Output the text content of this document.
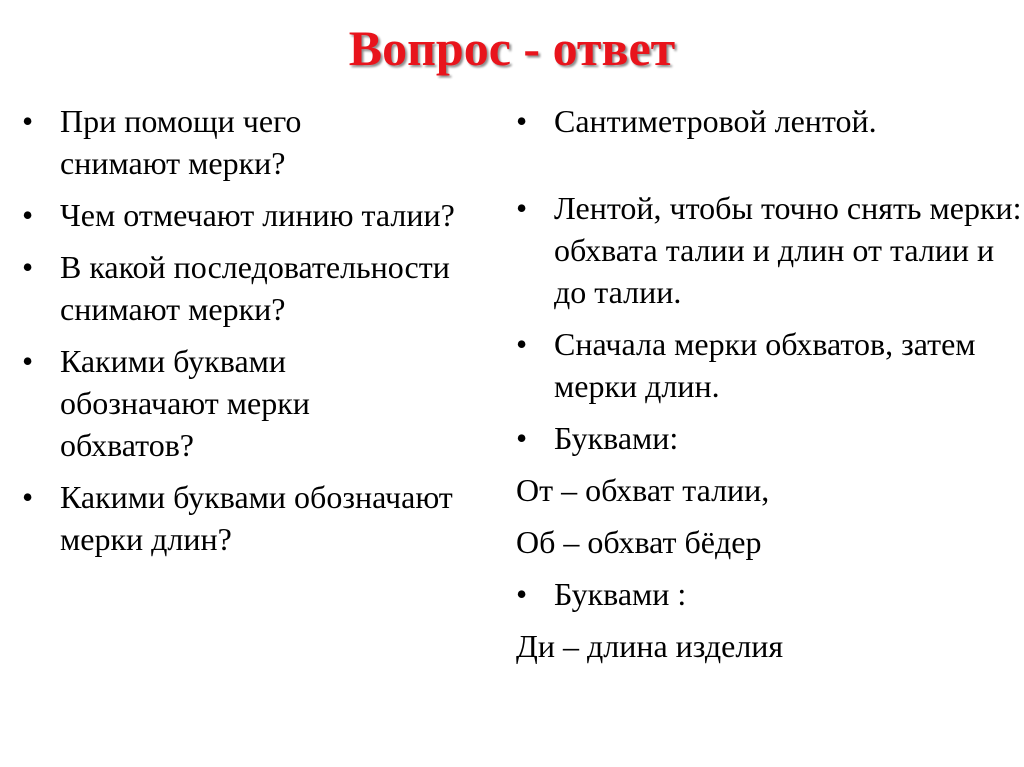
Вопрос - ответ
• При помощи чего снимают мерки?
• Чем отмечают линию талии?
• В какой последовательности снимают мерки?
• Какими буквами обозначают мерки обхватов?
• Какими буквами обозначают мерки длин?
• Сантиметровой лентой.
• Лентой, чтобы точно снять мерки: обхвата талии и длин от талии и до талии.
• Сначала мерки обхватов, затем мерки длин.
• Буквами:
От – обхват талии,
Об – обхват бёдер
• Буквами :
Ди – длина изделия
